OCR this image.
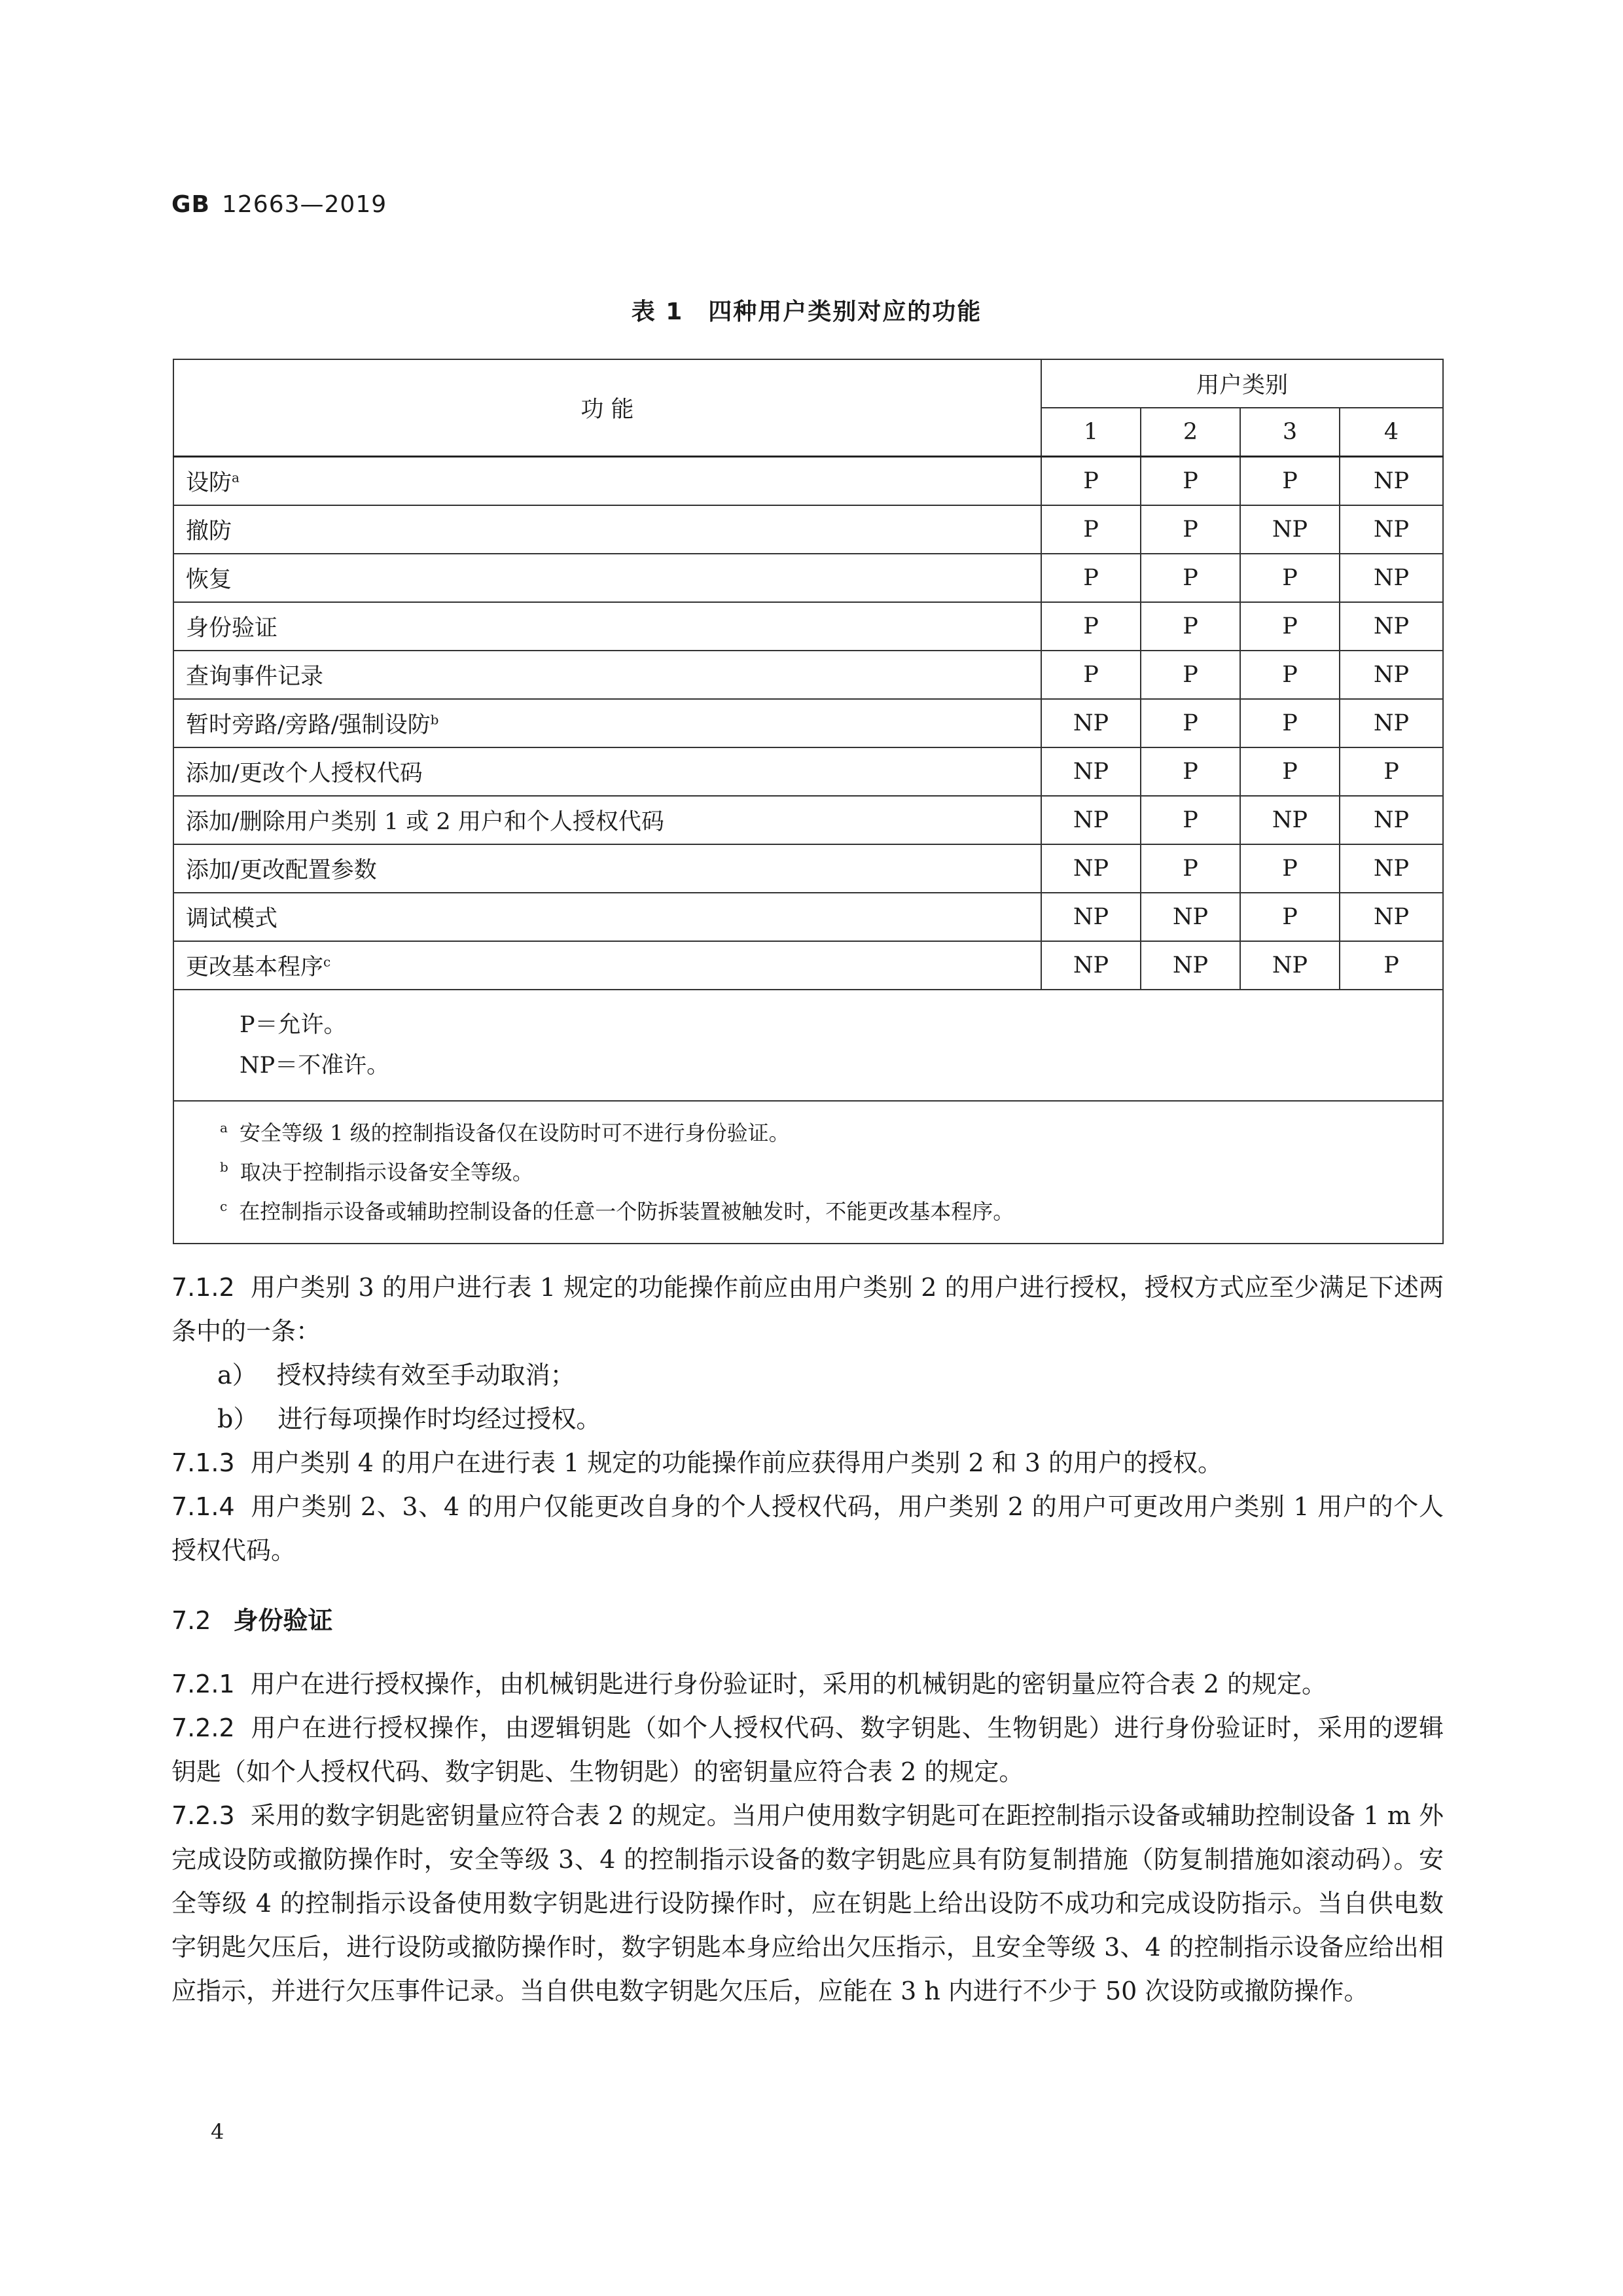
GB 12663—2019
表 1　四种用户类别对应的功能
功 能	用户类别			
	1	2	3	4
设防$^a$	P	P	P	NP
撤防	P	P	NP	NP
恢复	P	P	P	NP
身份验证	P	P	P	NP
查询事件记录	P	P	P	NP
暂时旁路/旁路/强制设防$^b$	NP	P	P	NP
添加/更改个人授权代码	NP	P	P	P
添加/删除用户类别 1 或 2 用户和个人授权代码	NP	P	NP	NP
添加/更改配置参数	NP	P	P	NP
调试模式	NP	NP	P	NP
更改基本程序$^c$	NP	NP	NP	P

P＝允许。
NP＝不准许。				

$^a$ 安全等级 1 级的控制指设备仅在设防时可不进行身份验证。
$^b$ 取决于控制指示设备安全等级。
$^c$ 在控制指示设备或辅助控制设备的任意一个防拆装置被触发时，不能更改基本程序。				

7.1.2 用户类别 3 的用户进行表 1 规定的功能操作前应由用户类别 2 的用户进行授权，授权方式应至少满足下述两条中的一条：

a） 授权持续有效至手动取消；

b） 进行每项操作时均经过授权。

7.1.3 用户类别 4 的用户在进行表 1 规定的功能操作前应获得用户类别 2 和 3 的用户的授权。

7.1.4 用户类别 2、3、4 的用户仅能更改自身的个人授权代码，用户类别 2 的用户可更改用户类别 1 用户的个人授权代码。

7.2 身份验证

7.2.1 用户在进行授权操作，由机械钥匙进行身份验证时，采用的机械钥匙的密钥量应符合表 2 的规定。

7.2.2 用户在进行授权操作，由逻辑钥匙（如个人授权代码、数字钥匙、生物钥匙）进行身份验证时，采用的逻辑钥匙（如个人授权代码、数字钥匙、生物钥匙）的密钥量应符合表 2 的规定。

7.2.3 采用的数字钥匙密钥量应符合表 2 的规定。当用户使用数字钥匙可在距控制指示设备或辅助控制设备 1 m 外完成设防或撤防操作时，安全等级 3、4 的控制指示设备的数字钥匙应具有防复制措施（防复制措施如滚动码）。安全等级 4 的控制指示设备使用数字钥匙进行设防操作时，应在钥匙上给出设防不成功和完成设防指示。当自供电数字钥匙欠压后，进行设防或撤防操作时，数字钥匙本身应给出欠压指示，且安全等级 3、4 的控制指示设备应给出相应指示，并进行欠压事件记录。当自供电数字钥匙欠压后，应能在 3 h 内进行不少于 50 次设防或撤防操作。

4
